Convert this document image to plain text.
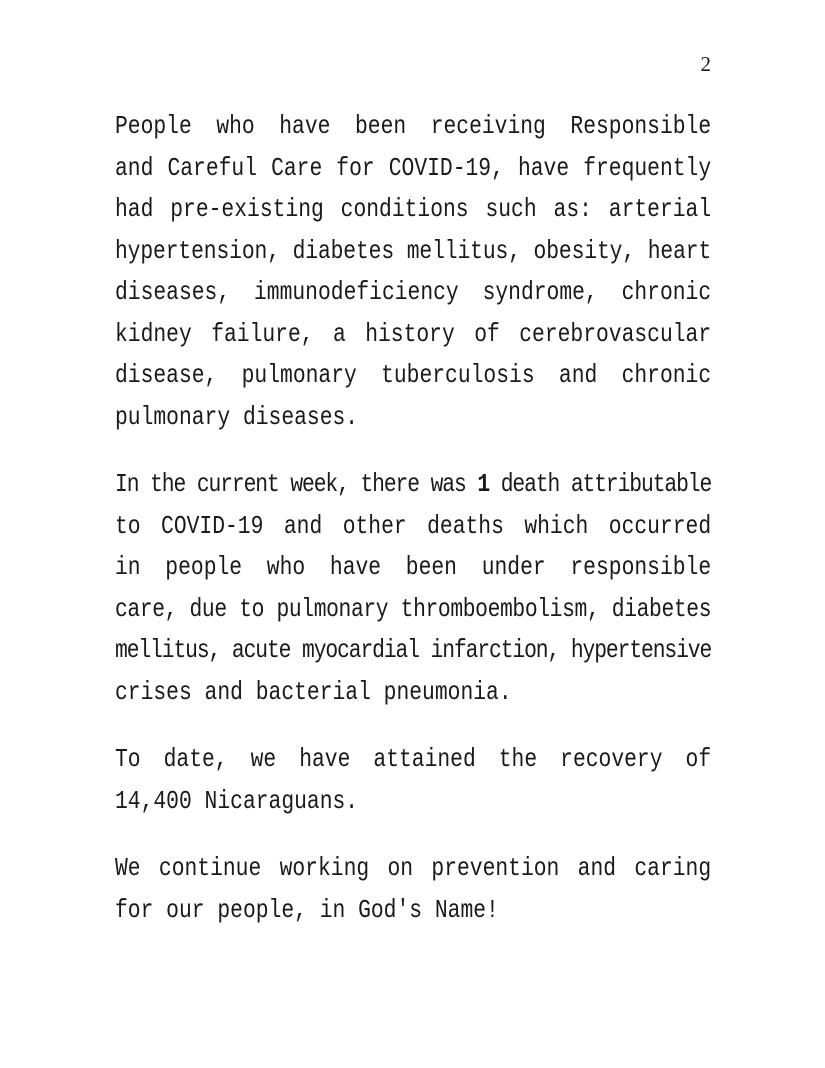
2
People who have been receiving Responsible
and Careful Care for COVID-19, have frequently
had pre-existing conditions such as: arterial
hypertension, diabetes mellitus, obesity, heart
diseases, immunodeficiency syndrome, chronic
kidney failure, a history of cerebrovascular
disease, pulmonary tuberculosis and chronic
pulmonary diseases.
In the current week, there was 1 death attributable
to COVID-19 and other deaths which occurred
in people who have been under responsible
care, due to pulmonary thromboembolism, diabetes
mellitus, acute myocardial infarction, hypertensive
crises and bacterial pneumonia.
To date, we have attained the recovery of
14,400 Nicaraguans.
We continue working on prevention and caring
for our people, in God's Name!
